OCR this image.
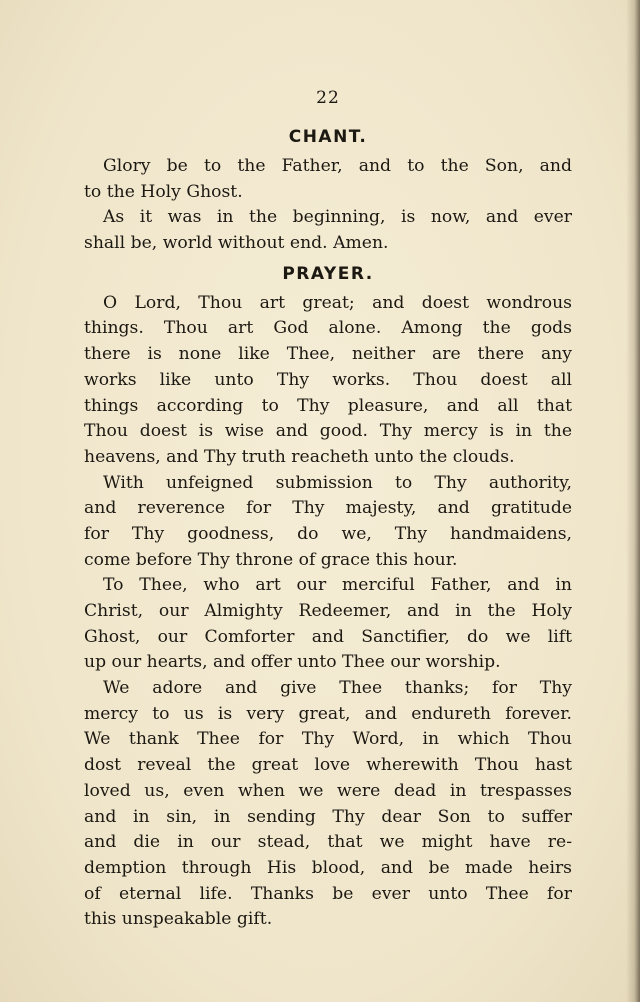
22
CHANT.
Glory be to the Father, and to the Son, and
to the Holy Ghost.
As it was in the beginning, is now, and ever
shall be, world without end. Amen.
PRAYER.
O Lord, Thou art great; and doest wondrous
things. Thou art God alone. Among the gods
there is none like Thee, neither are there any
works like unto Thy works. Thou doest all
things according to Thy pleasure, and all that
Thou doest is wise and good. Thy mercy is in the
heavens, and Thy truth reacheth unto the clouds.
With unfeigned submission to Thy authority,
and reverence for Thy majesty, and gratitude
for Thy goodness, do we, Thy handmaidens,
come before Thy throne of grace this hour.
To Thee, who art our merciful Father, and in
Christ, our Almighty Redeemer, and in the Holy
Ghost, our Comforter and Sanctifier, do we lift
up our hearts, and offer unto Thee our worship.
We adore and give Thee thanks; for Thy
mercy to us is very great, and endureth forever.
We thank Thee for Thy Word, in which Thou
dost reveal the great love wherewith Thou hast
loved us, even when we were dead in trespasses
and in sin, in sending Thy dear Son to suffer
and die in our stead, that we might have re-
demption through His blood, and be made heirs
of eternal life. Thanks be ever unto Thee for
this unspeakable gift.
